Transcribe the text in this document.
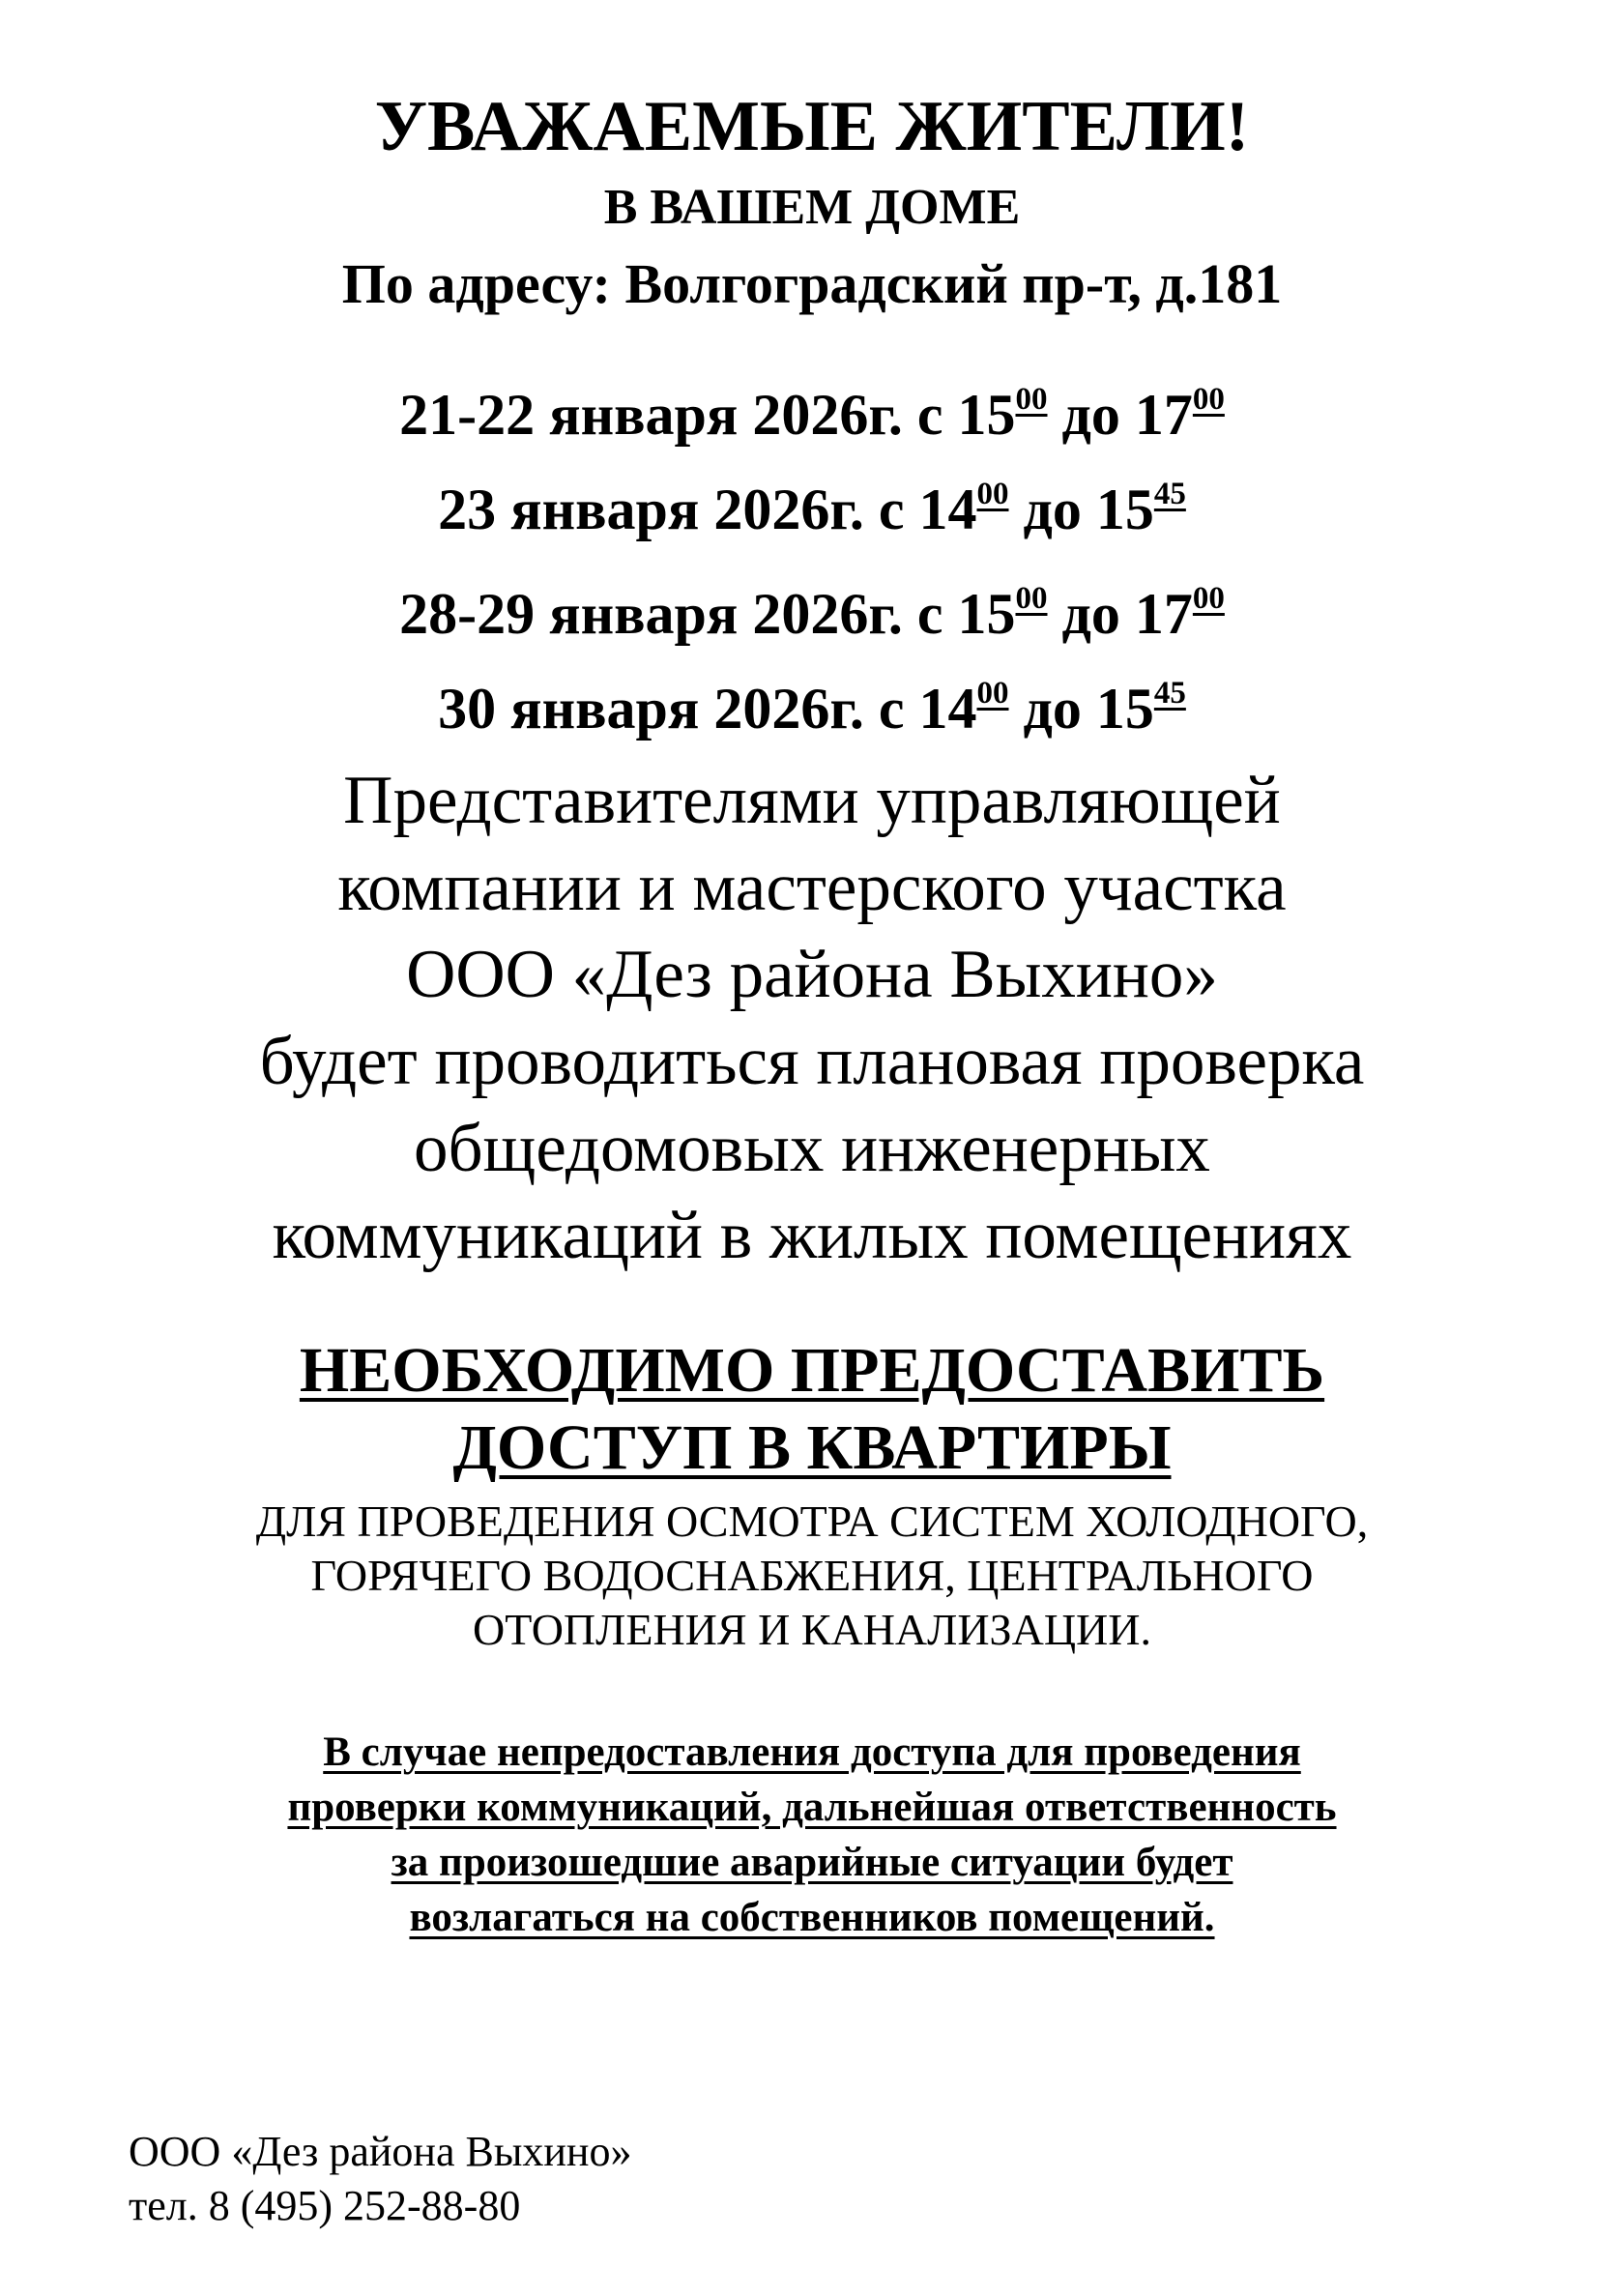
УВАЖАЕМЫЕ ЖИТЕЛИ!
В ВАШЕМ ДОМЕ
По адресу: Волгоградский пр-т, д.181
21-22 января 2026г. с $15^{00}$ до $17^{00}$
23 января 2026г. с $14^{00}$ до $15^{45}$
28-29 января 2026г. с $15^{00}$ до $17^{00}$
30 января 2026г. с $14^{00}$ до $15^{45}$
Представителями управляющей
компании и мастерского участка
ООО «Дез района Выхино»
будет проводиться плановая проверка
общедомовых инженерных
коммуникаций в жилых помещениях
НЕОБХОДИМО ПРЕДОСТАВИТЬ
ДОСТУП В КВАРТИРЫ
ДЛЯ ПРОВЕДЕНИЯ ОСМОТРА СИСТЕМ ХОЛОДНОГО,
ГОРЯЧЕГО ВОДОСНАБЖЕНИЯ, ЦЕНТРАЛЬНОГО
ОТОПЛЕНИЯ И КАНАЛИЗАЦИИ.
В случае непредоставления доступа для проведения
проверки коммуникаций, дальнейшая ответственность
за произошедшие аварийные ситуации будет
возлагаться на собственников помещений.
ООО «Дез района Выхино»
тел. 8 (495) 252-88-80
